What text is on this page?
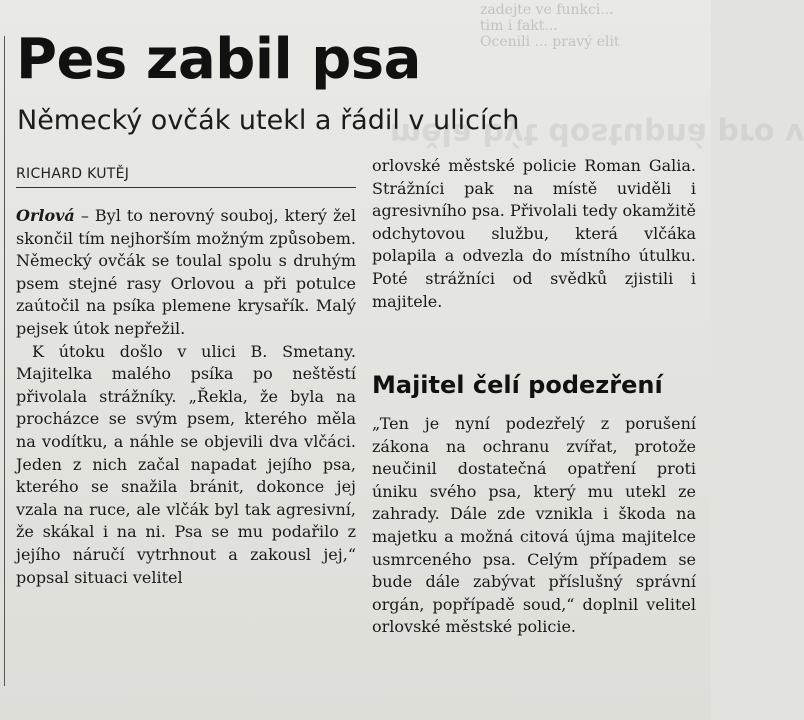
zadejte ve funkci...
tim i fakt...
Ocenili ... pravý elit
měla být dostupná pro v
Pes zabil psa
Německý ovčák utekl a řádil v ulicích
RICHARD KUTĚJ

Orlová – Byl to nerovný souboj, který žel skončil tím nejhorším možným způsobem. Německý ovčák se toulal spolu s druhým psem stejné rasy Orlovou a při potulce zaútočil na psíka plemene krysařík. Malý pejsek útok nepřežil.

K útoku došlo v ulici B. Smetany. Majitelka malého psíka po neštěstí přivolala strážníky. „Řekla, že byla na procházce se svým psem, kterého měla na vodítku, a náhle se objevili dva vlčáci. Jeden z nich začal napadat jejího psa, kterého se snažila bránit, dokonce jej vzala na ruce, ale vlčák byl tak agresivní, že skákal i na ni. Psa se mu podařilo z jejího náručí vytrhnout a zakousl jej,“ popsal situaci velitel

orlovské městské policie Roman Galia. Strážníci pak na místě uviděli i agresivního psa. Přivolali tedy okamžitě odchytovou službu, která vlčáka polapila a odvezla do místního útulku. Poté strážníci od svědků zjistili i majitele.

Majitel čelí podezření

„Ten je nyní podezřelý z porušení zákona na ochranu zvířat, protože neučinil dostatečná opatření proti úniku svého psa, který mu utekl ze zahrady. Dále zde vznikla i škoda na majetku a možná citová újma majitelce usmrceného psa. Celým případem se bude dále zabývat příslušný správní orgán, popřípadě soud,“ doplnil velitel orlovské městské policie.
